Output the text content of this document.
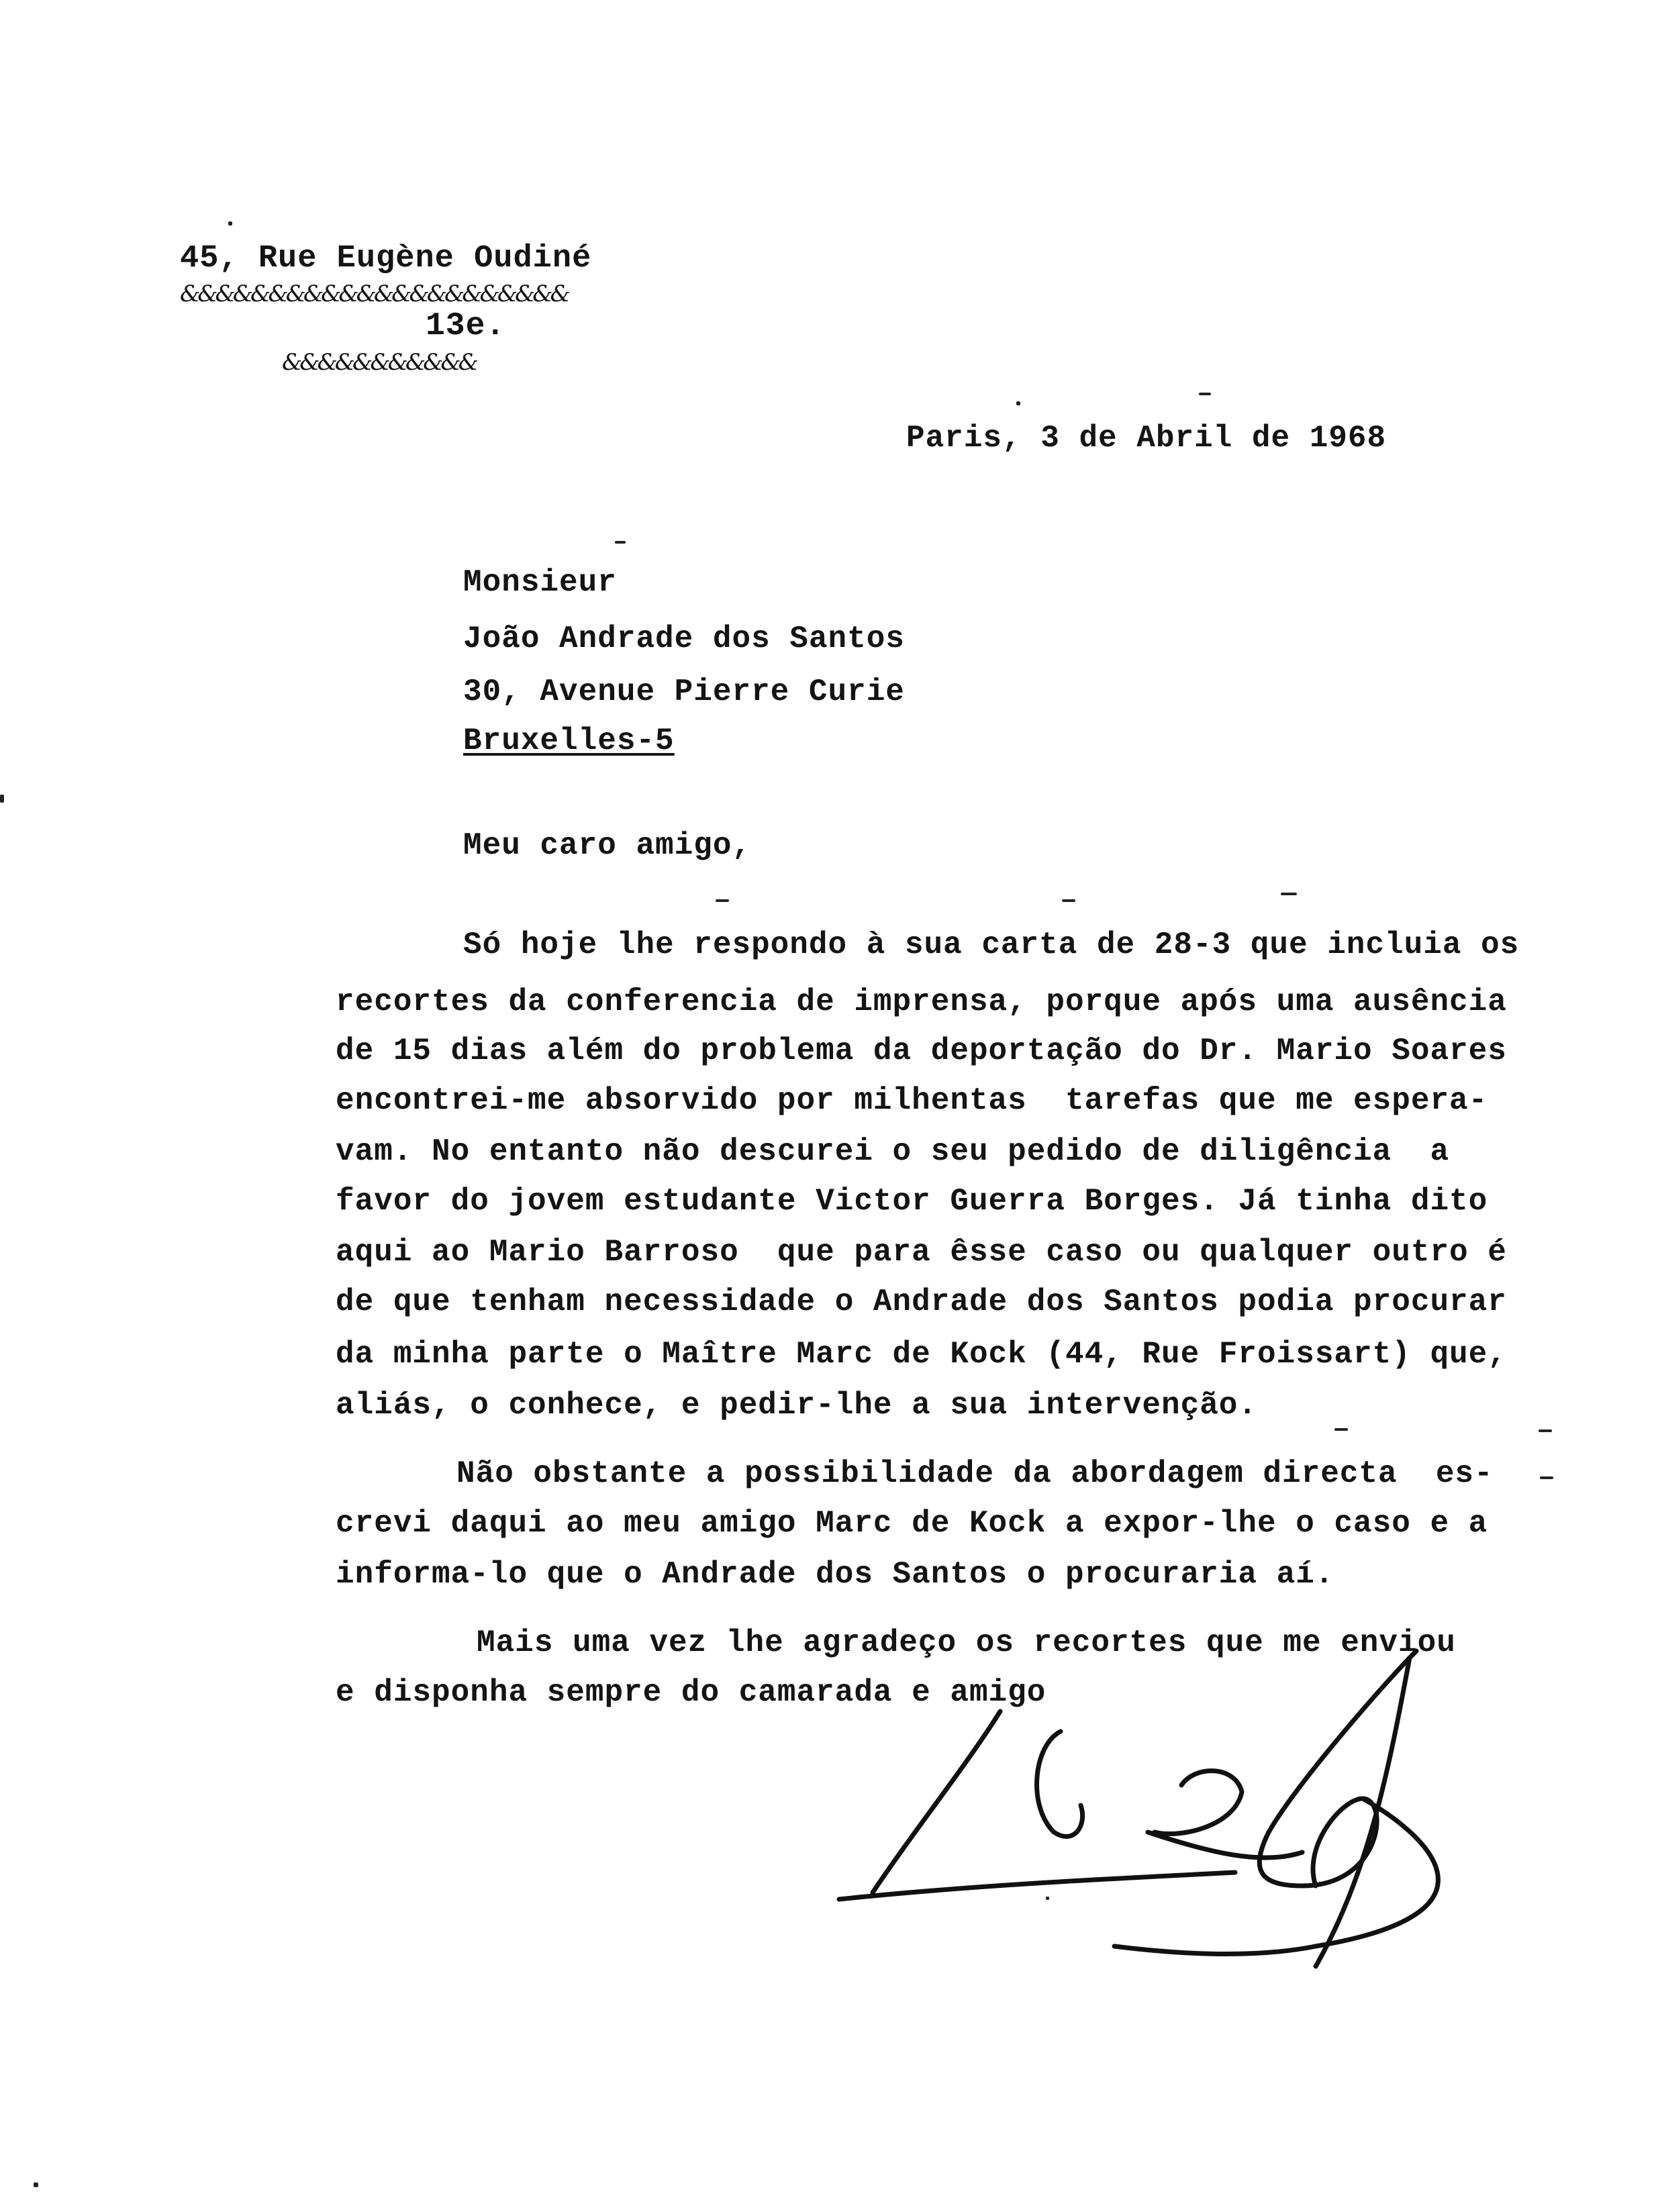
45, Rue Eugène Oudiné
&&&&&&&&&&&&&&&&&&&&&&
13e.
&&&&&&&&&&&
Paris, 3 de Abril de 1968
Monsieur
João Andrade dos Santos
30, Avenue Pierre Curie
Bruxelles-5
Meu caro amigo,
Só hoje lhe respondo à sua carta de 28-3 que incluia os
recortes da conferencia de imprensa, porque após uma ausência
de 15 dias além do problema da deportação do Dr. Mario Soares
encontrei-me absorvido por milhentas  tarefas que me espera-
vam. No entanto não descurei o seu pedido de diligência  a
favor do jovem estudante Victor Guerra Borges. Já tinha dito
aqui ao Mario Barroso  que para êsse caso ou qualquer outro é
de que tenham necessidade o Andrade dos Santos podia procurar
da minha parte o Maître Marc de Kock (44, Rue Froissart) que,
aliás, o conhece, e pedir-lhe a sua intervenção.
Não obstante a possibilidade da abordagem directa  es-
crevi daqui ao meu amigo Marc de Kock a expor-lhe o caso e a
informa-lo que o Andrade dos Santos o procuraria aí.
Mais uma vez lhe agradeço os recortes que me enviou
e disponha sempre do camarada e amigo
